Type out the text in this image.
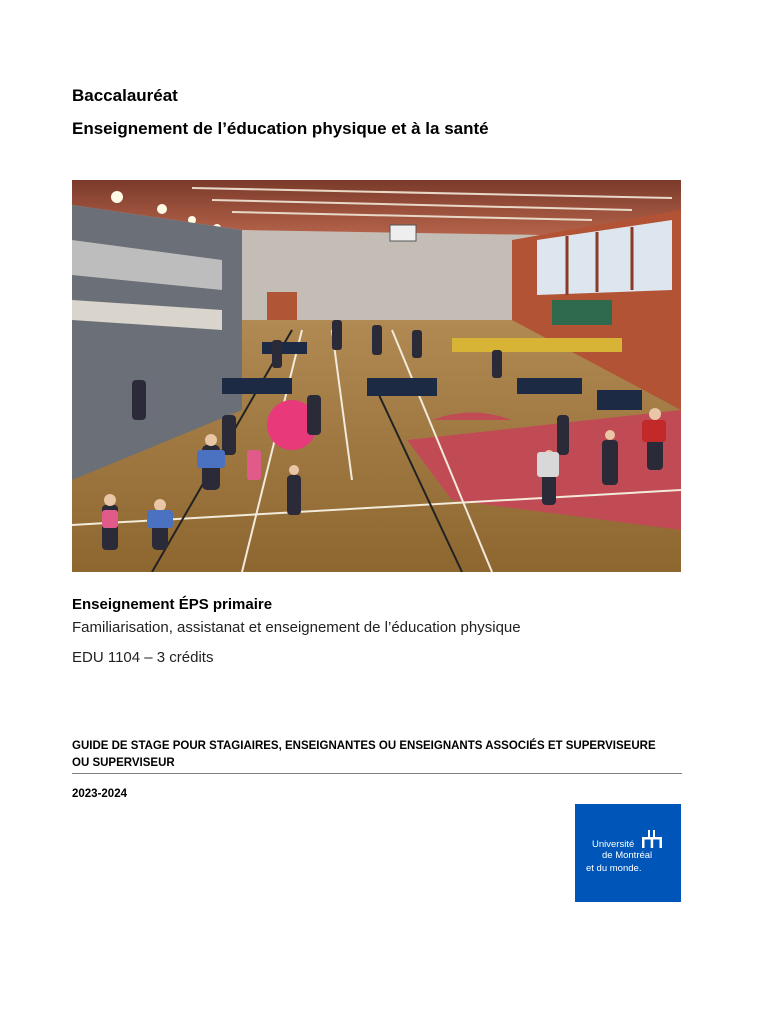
Baccalauréat
Enseignement de l’éducation physique et à la santé
Enseignement ÉPS primaire
Familiarisation, assistanat et enseignement de l’éducation physique
EDU 1104 – 3 crédits
GUIDE DE STAGE POUR STAGIAIRES, ENSEIGNANTES OU ENSEIGNANTS ASSOCIÉS ET SUPERVISEURE OU SUPERVISEUR
2023-2024
Université
de Montréal
et du monde.
